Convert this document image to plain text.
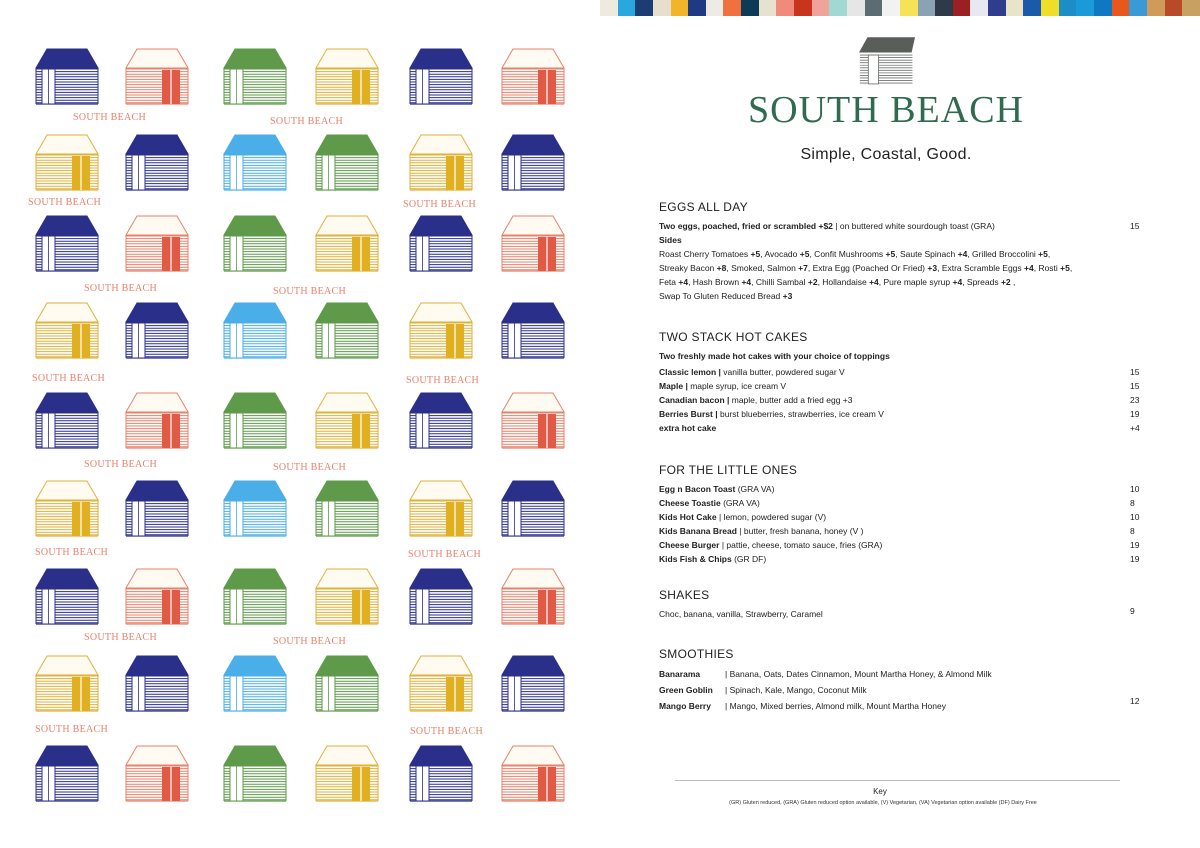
SOUTH BEACH	SOUTH BEACH
SOUTH BEACH	SOUTH BEACH
SOUTH BEACH	SOUTH BEACH
SOUTH BEACH	SOUTH BEACH
SOUTH BEACH	SOUTH BEACH
SOUTH BEACH	SOUTH BEACH
SOUTH BEACH	SOUTH BEACH
SOUTH BEACH	SOUTH BEACH
SOUTH BEACH
Simple, Coastal, Good.
EGGS ALL DAY
Two eggs, poached, fried or scrambled +$2 | on buttered white sourdough toast (GRA)	15
Sides
Roast Cherry Tomatoes +5, Avocado +5, Confit Mushrooms +5, Saute Spinach +4, Grilled Broccolini +5,
Streaky Bacon +8, Smoked, Salmon +7, Extra Egg (Poached Or Fried) +3, Extra Scramble Eggs +4, Rosti +5,
Feta +4, Hash Brown +4, Chilli Sambal +2, Hollandaise +4, Pure maple syrup +4, Spreads +2 ,
Swap To Gluten Reduced Bread +3
TWO STACK HOT CAKES
Two freshly made hot cakes with your choice of toppings
Classic lemon | vanilla butter, powdered sugar V	15
Maple | maple syrup, ice cream V	15
Canadian bacon | maple, butter add a fried egg +3	23
Berries Burst | burst blueberries, strawberries, ice cream V	19
extra hot cake	+4
FOR THE LITTLE ONES
Egg n Bacon Toast (GRA VA)	10
Cheese Toastie (GRA VA)	8
Kids Hot Cake | lemon, powdered sugar (V)	10
Kids Banana Bread | butter, fresh banana, honey (V )	8
Cheese Burger | pattie, cheese, tomato sauce, fries (GRA)	19
Kids Fish & Chips (GR DF)	19
SHAKES
Choc, banana, vanilla, Strawberry, Caramel	9
SMOOTHIES
Banarama	| Banana, Oats, Dates Cinnamon, Mount Martha Honey, & Almond Milk
Green Goblin | Spinach, Kale, Mango, Coconut Milk
Mango Berry | Mango, Mixed berries, Almond milk, Mount Martha Honey	12
Key
(GR) Gluten reduced, (GRA) Gluten reduced option available, (V) Vegetarian, (VA) Vegetarian option available (DF) Dairy Free
